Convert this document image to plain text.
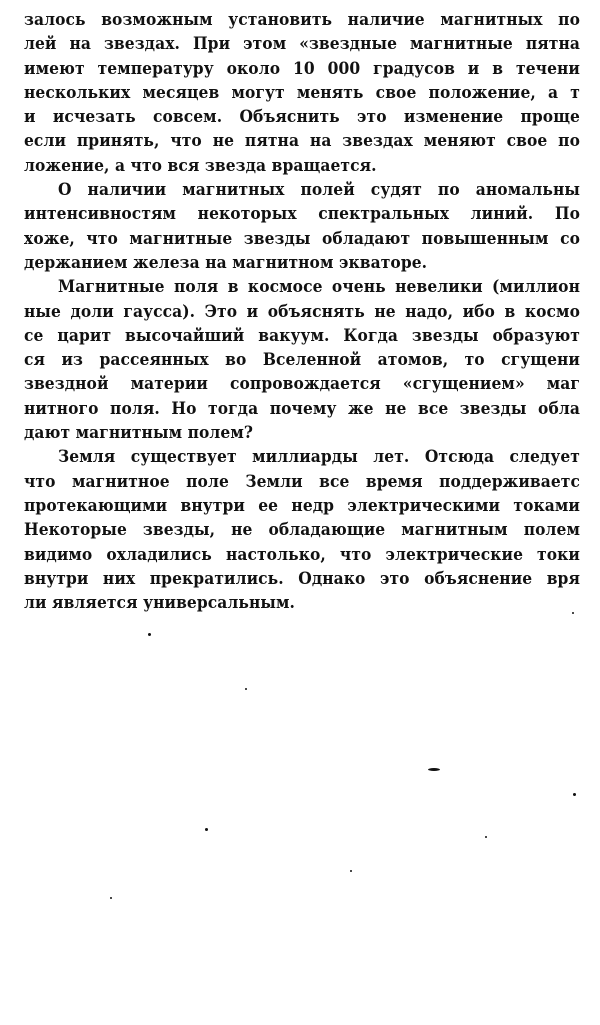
залось возможным установить наличие магнитных по
лей на звездах. При этом «звездные магнитные пятна
имеют температуру около 10 000 градусов и в течени
нескольких месяцев могут менять свое положение, а т
и исчезать совсем. Объяснить это изменение проще
если принять, что не пятна на звездах меняют свое по
ложение, а что вся звезда вращается.
О наличии магнитных полей судят по аномальны
интенсивностям некоторых спектральных линий. По
хоже, что магнитные звезды обладают повышенным со
держанием железа на магнитном экваторе.
Магнитные поля в космосе очень невелики (миллион
ные доли гаусса). Это и объяснять не надо, ибо в космо
се царит высочайший вакуум. Когда звезды образуют
ся из рассеянных во Вселенной атомов, то сгущени
звездной материи сопровождается «сгущением» маг
нитного поля. Но тогда почему же не все звезды обла
дают магнитным полем?
Земля существует миллиарды лет. Отсюда следует
что магнитное поле Земли все время поддерживаетс
протекающими внутри ее недр электрическими токами
Некоторые звезды, не обладающие магнитным полем
видимо охладились настолько, что электрические токи
внутри них прекратились. Однако это объяснение вря
ли является универсальным.
